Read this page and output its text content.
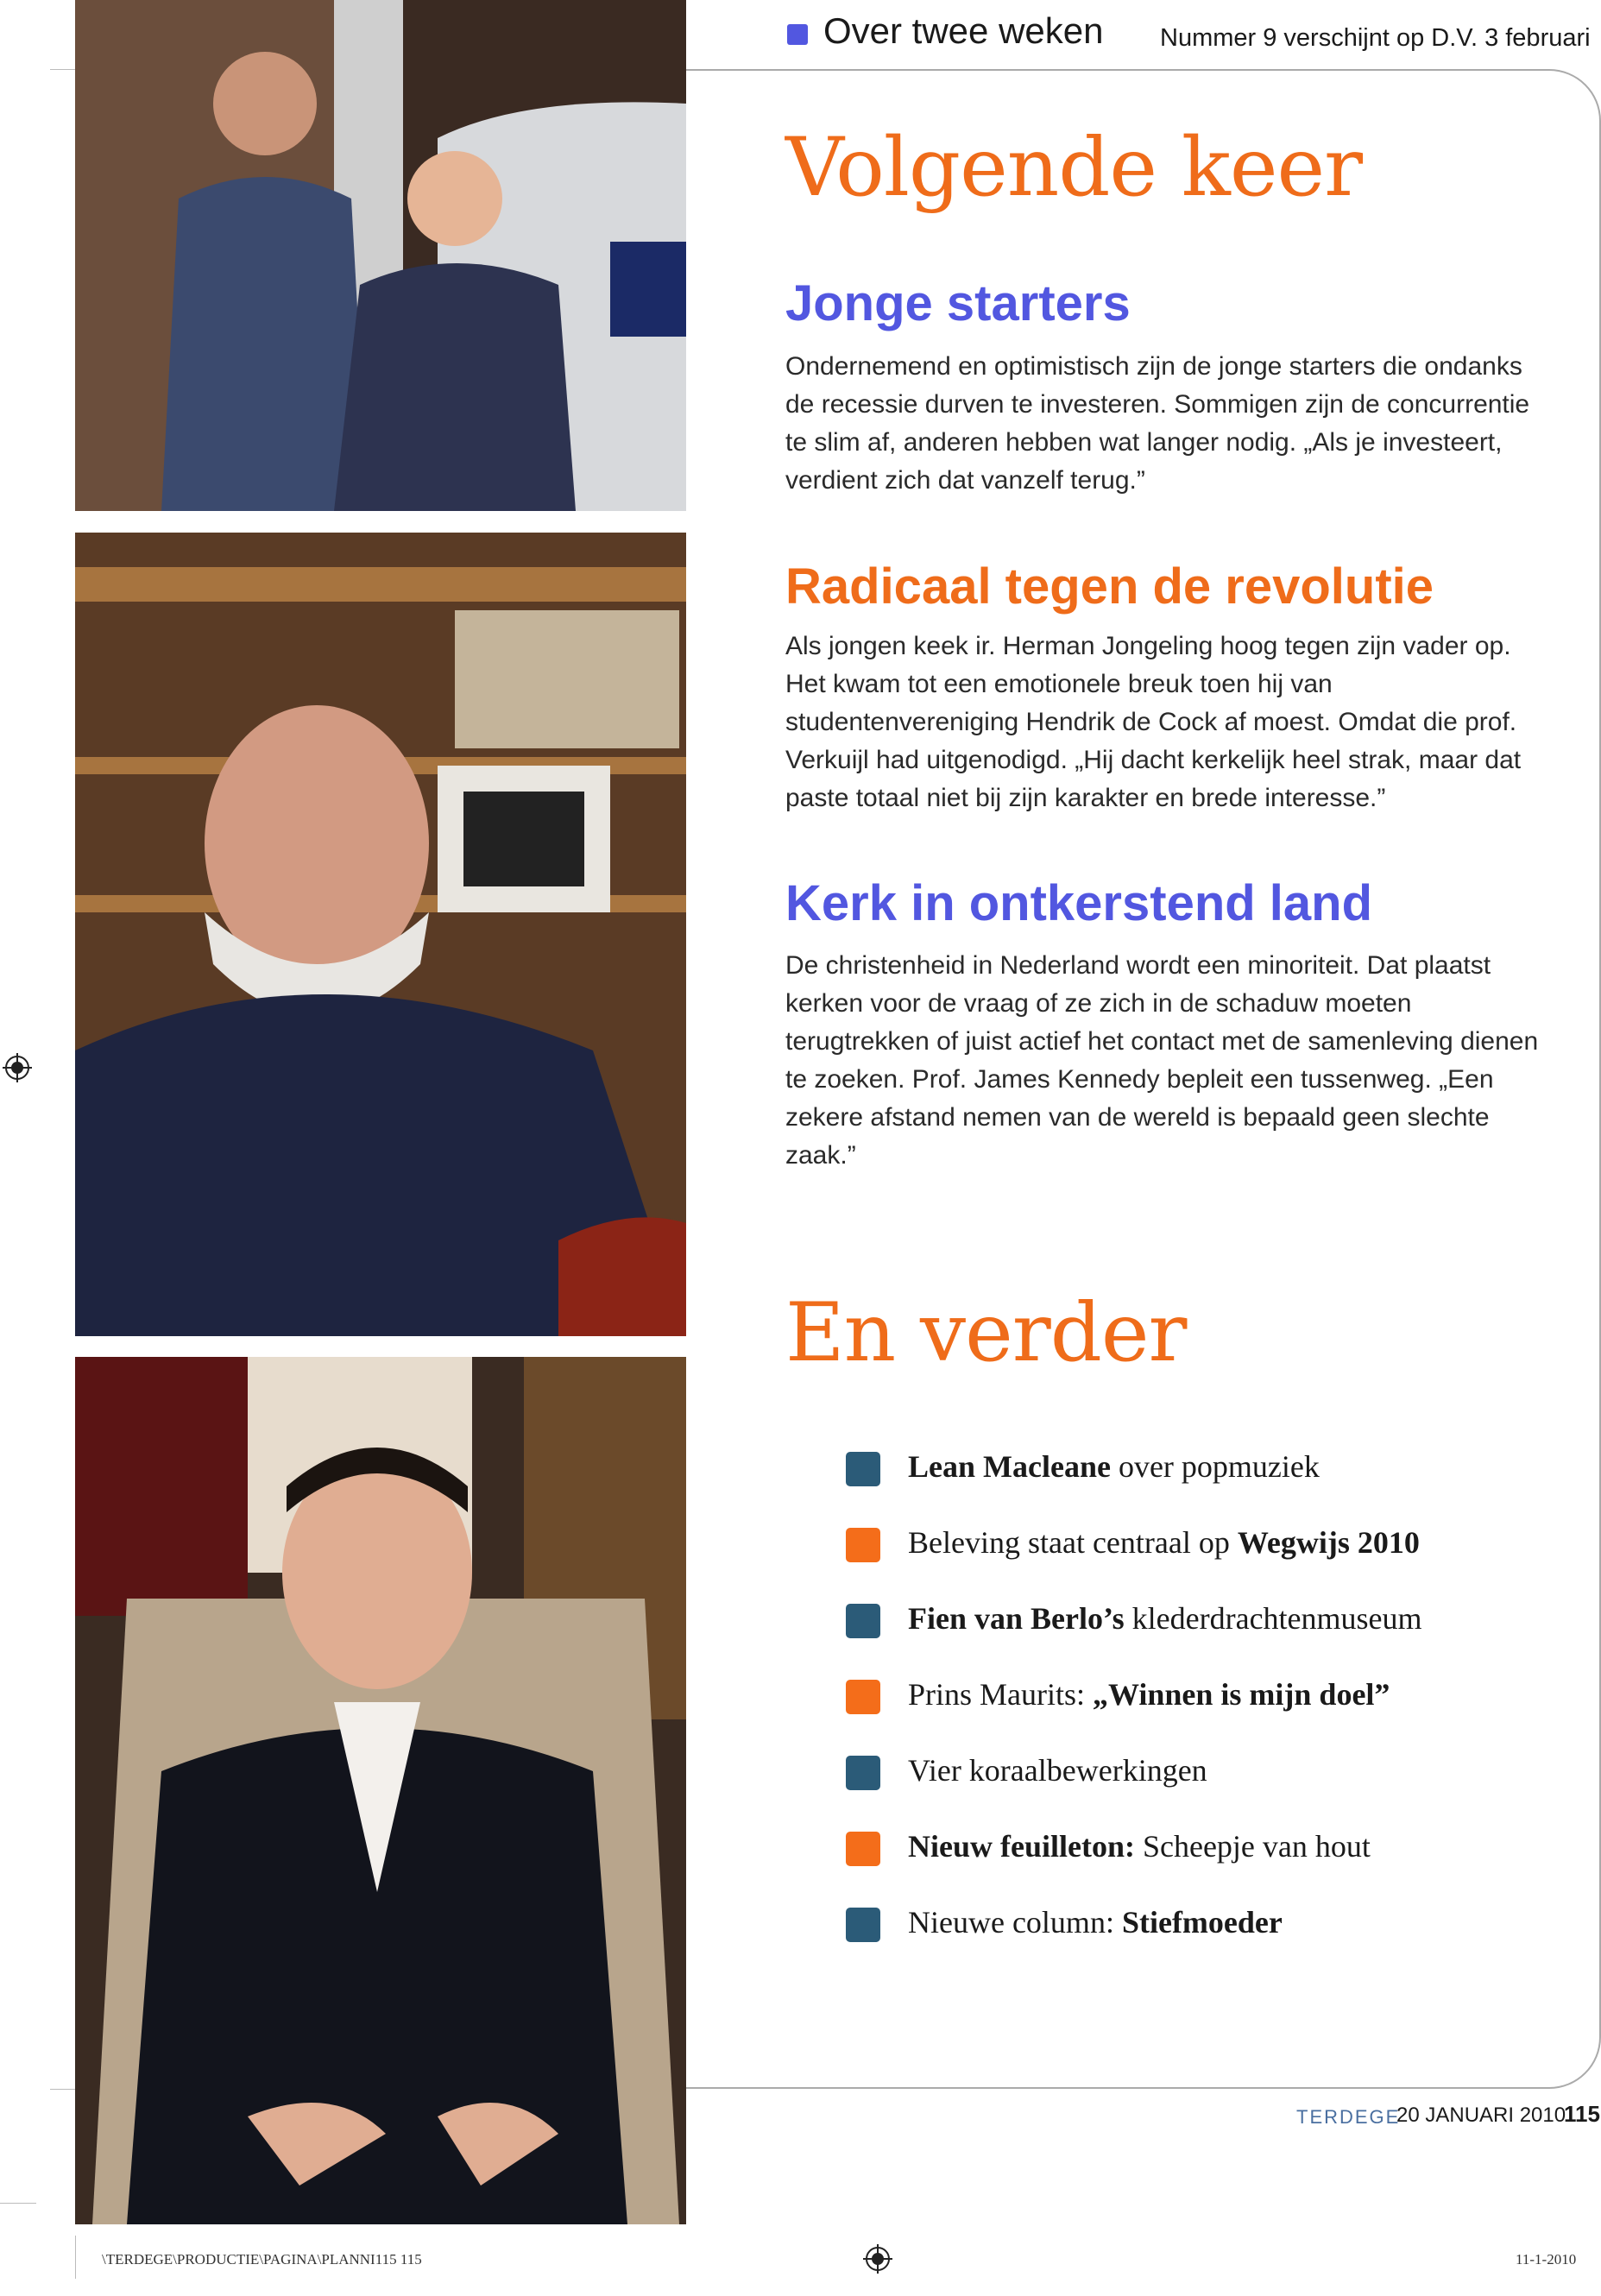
Over twee weken Nummer 9 verschijnt op D.V. 3 februari
Volgende keer
Jonge starters
Ondernemend en optimistisch zijn de jonge starters die ondanks de recessie durven te investeren. Sommigen zijn de concurrentie te slim af, anderen hebben wat langer nodig. „Als je investeert, verdient zich dat vanzelf terug.”
Radicaal tegen de revolutie
Als jongen keek ir. Herman Jongeling hoog tegen zijn vader op. Het kwam tot een emotionele breuk toen hij van studentenvereniging Hendrik de Cock af moest. Omdat die prof. Verkuijl had uitgenodigd. „Hij dacht kerkelijk heel strak, maar dat paste totaal niet bij zijn karakter en brede interesse.”
Kerk in ontkerstend land
De christenheid in Nederland wordt een minoriteit. Dat plaatst kerken voor de vraag of ze zich in de schaduw moeten terugtrekken of juist actief het contact met de samenleving dienen te zoeken. Prof. James Kennedy bepleit een tussenweg. „Een zekere afstand nemen van de wereld is bepaald geen slechte zaak.”
En verder
Lean Macleane over popmuziek
Beleving staat centraal op Wegwijs 2010
Fien van Berlo’s klederdrachtenmuseum
Prins Maurits: „Winnen is mijn doel”
Vier koraalbewerkingen
Nieuw feuilleton: Scheepje van hout
Nieuwe column: Stiefmoeder
TERDEGE
20 JANUARI 2010
115
\TERDEGE\PRODUCTIE\PAGINA\PLANNI115 115	11-1-2010
